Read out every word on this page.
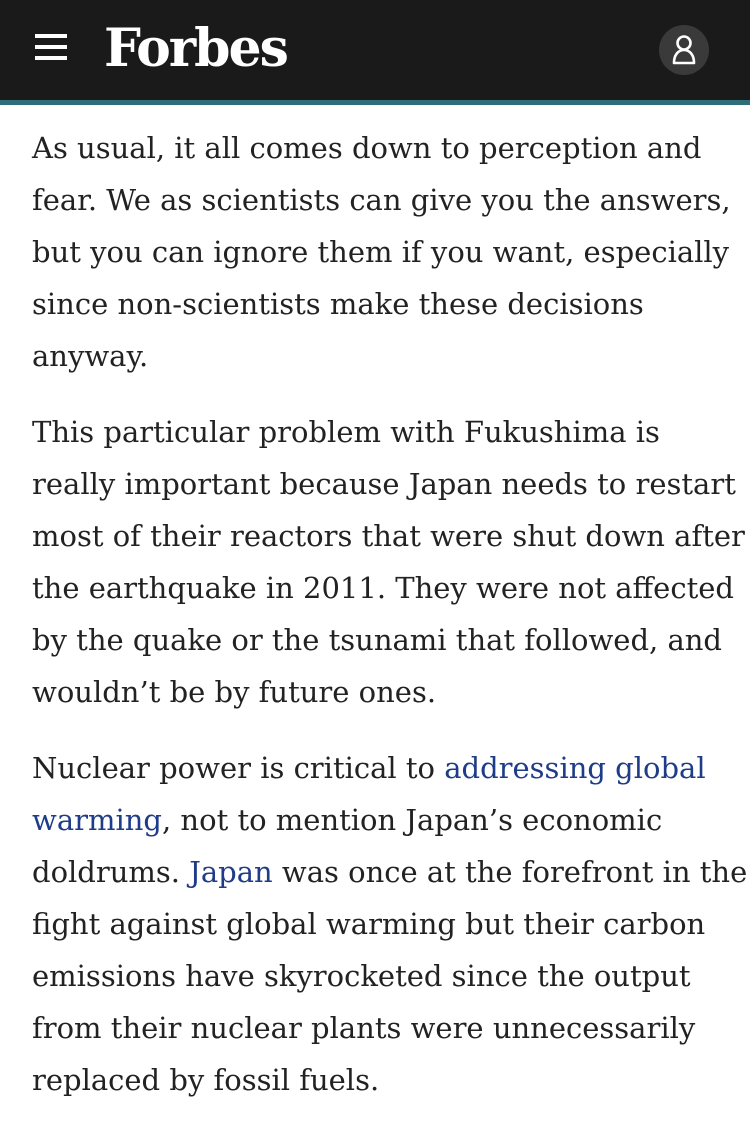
Forbes

As usual, it all comes down to perception and
fear. We as scientists can give you the answers,
but you can ignore them if you want, especially
since non-scientists make these decisions
anyway.

This particular problem with Fukushima is
really important because Japan needs to restart
most of their reactors that were shut down after
the earthquake in 2011. They were not affected
by the quake or the tsunami that followed, and
wouldn’t be by future ones.

Nuclear power is critical to addressing global
warming, not to mention Japan’s economic
doldrums. Japan was once at the forefront in the
fight against global warming but their carbon
emissions have skyrocketed since the output
from their nuclear plants were unnecessarily
replaced by fossil fuels.
